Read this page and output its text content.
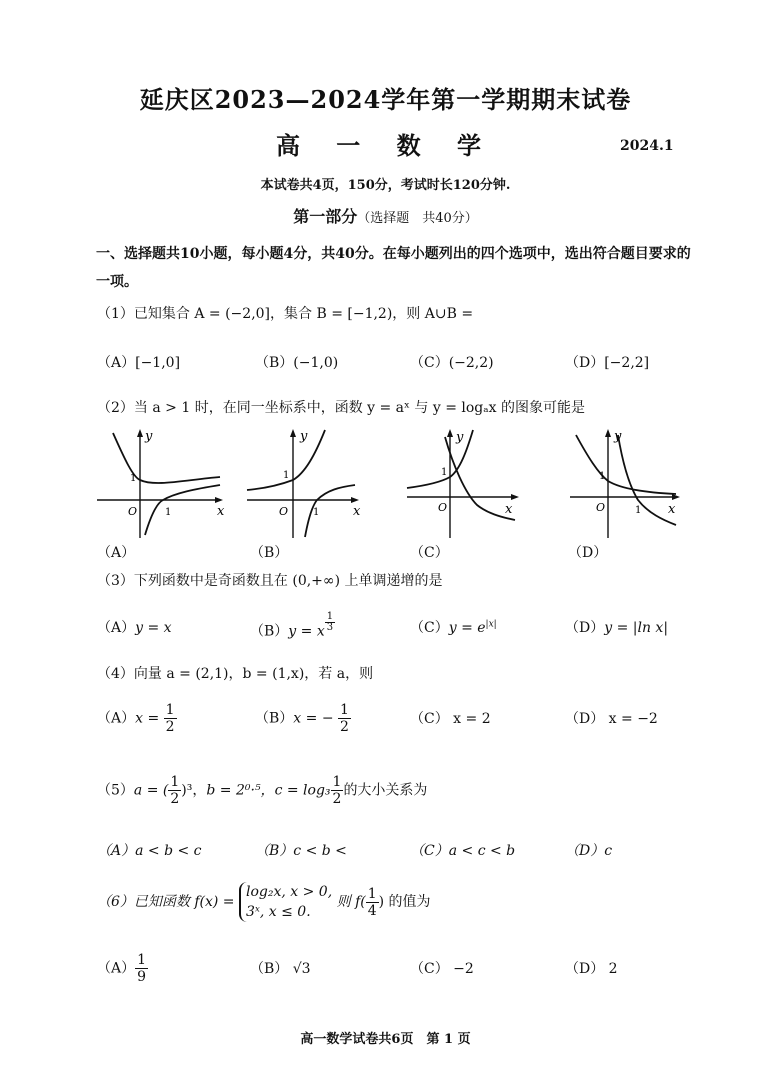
延庆区2023—2024学年第一学期期末试卷
高 一 数 学	2024.1
本试卷共4页，150分，考试时长120分钟.
第一部分（选择题　共40分）
一、选择题共10小题，每小题4分，共40分。在每小题列出的四个选项中，选出符合题目要求的一项。
（1）已知集合 A = (−2,0]，集合 B = [−1,2)，则 A∪B =
（A）[−1,0]	（B）(−1,0)	（C）(−2,2)	（D）[−2,2]
（2）当 a > 1 时，在同一坐标系中，函数 y = aˣ 与 y = logₐx 的图象可能是
y
x
O
1
1
（A）
y
x
O
1
1
（B）
y
x
O
1
（C）
y
x
O
1
1
（D）
（3）下列函数中是奇函数且在 (0,+∞) 上单调递增的是
（A）y = x	（B）y = x $\frac{1}{3}$	$(C)y = e^{|x|}$	（D）y = |ln x|
（4）向量 a = (2,1)，b = (1,x)，若 a，则
$(A)x = \frac{1}{2}$	（B）x = − $\frac{1}{2}$	（C） x = 2	（D） x = −2
（5）a = ( $\frac{1}{2} )^3$，b = 2⁰·⁵，$c = \log_3 \frac{1}{2}$ 的大小关系为
（A）a < b < c	（B）c < b <	（C）a < c < b	（D）c
（6）已知函数 f(x) =
log₂x, x > 0,
3ˣ, x ≤ 0.
则 $f( \frac{1}{4}$ ) 的值为
$(A) \frac{1}{9}$	（B） √3	（C） −2	（D） 2
高一数学试卷共6页　第 1 页
